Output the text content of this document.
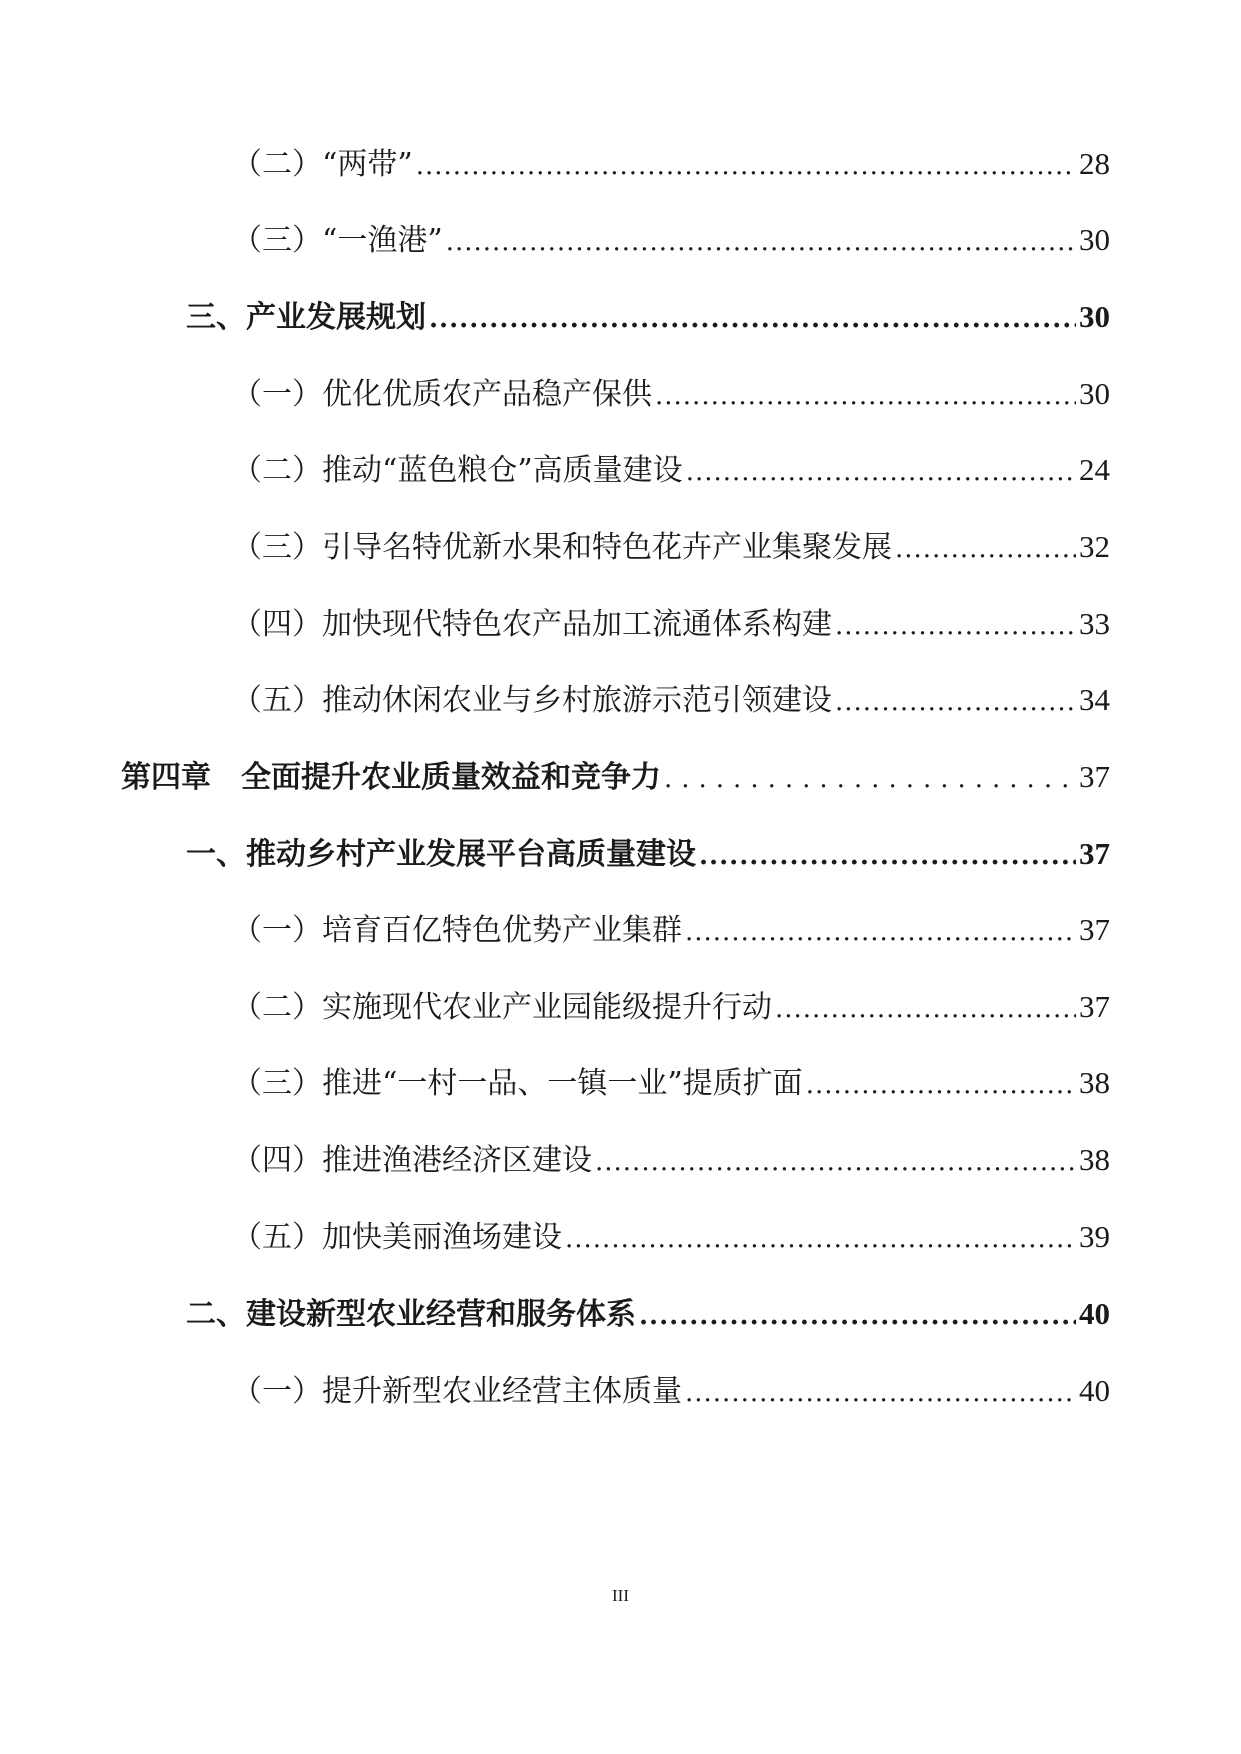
（二）“两带” .....	28
（三）“一渔港” .....	30
三、产业发展规划 .....	30
（一）优化优质农产品稳产保供 .....	30
（二）推动“蓝色粮仓”高质量建设 .....	24
（三）引导名特优新水果和特色花卉产业集聚发展 .....	32
（四）加快现代特色农产品加工流通体系构建 .....	33
（五）推动休闲农业与乡村旅游示范引领建设 .....	34
第四章　全面提升农业质量效益和竞争力 .....	37
一、推动乡村产业发展平台高质量建设 .....	37
（一）培育百亿特色优势产业集群 .....	37
（二）实施现代农业产业园能级提升行动 .....	37
（三）推进“一村一品、一镇一业”提质扩面 .....	38
（四）推进渔港经济区建设 .....	38
（五）加快美丽渔场建设 .....	39
二、建设新型农业经营和服务体系 .....	40
（一）提升新型农业经营主体质量 .....	40
III
